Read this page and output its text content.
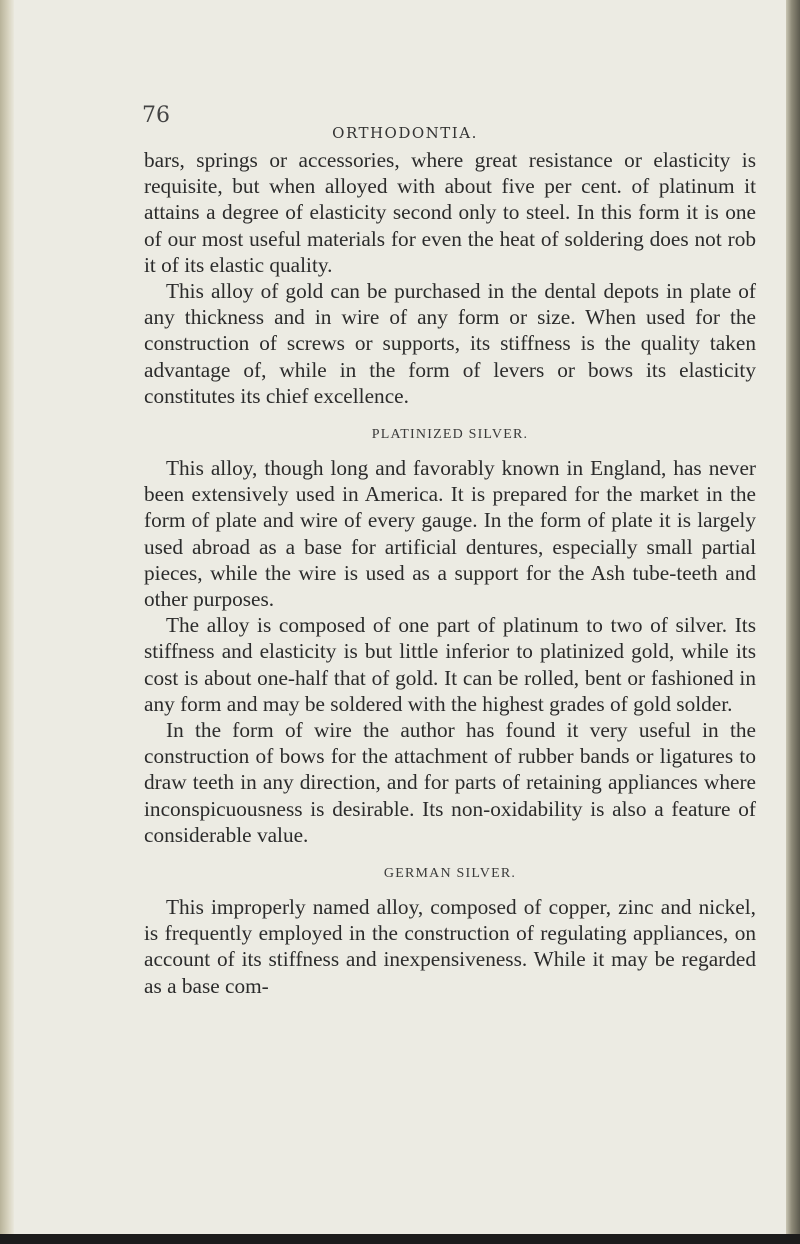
76

ORTHODONTIA.

bars, springs or accessories, where great resistance or elasticity is requisite, but when alloyed with about five per cent. of platinum it attains a degree of elasticity second only to steel. In this form it is one of our most useful materials for even the heat of soldering does not rob it of its elastic quality.

This alloy of gold can be purchased in the dental depots in plate of any thickness and in wire of any form or size. When used for the construction of screws or supports, its stiffness is the quality taken advantage of, while in the form of levers or bows its elasticity constitutes its chief excellence.

PLATINIZED SILVER.

This alloy, though long and favorably known in England, has never been extensively used in America. It is prepared for the market in the form of plate and wire of every gauge. In the form of plate it is largely used abroad as a base for artificial dentures, especially small partial pieces, while the wire is used as a support for the Ash tube-teeth and other purposes.

The alloy is composed of one part of platinum to two of silver. Its stiffness and elasticity is but little inferior to platinized gold, while its cost is about one-half that of gold. It can be rolled, bent or fashioned in any form and may be soldered with the highest grades of gold solder.

In the form of wire the author has found it very useful in the construction of bows for the attachment of rubber bands or ligatures to draw teeth in any direction, and for parts of retaining appliances where inconspicuousness is desirable. Its non-oxidability is also a feature of considerable value.

GERMAN SILVER.

This improperly named alloy, composed of copper, zinc and nickel, is frequently employed in the construction of regulating appliances, on account of its stiffness and inexpensiveness. While it may be regarded as a base com-
